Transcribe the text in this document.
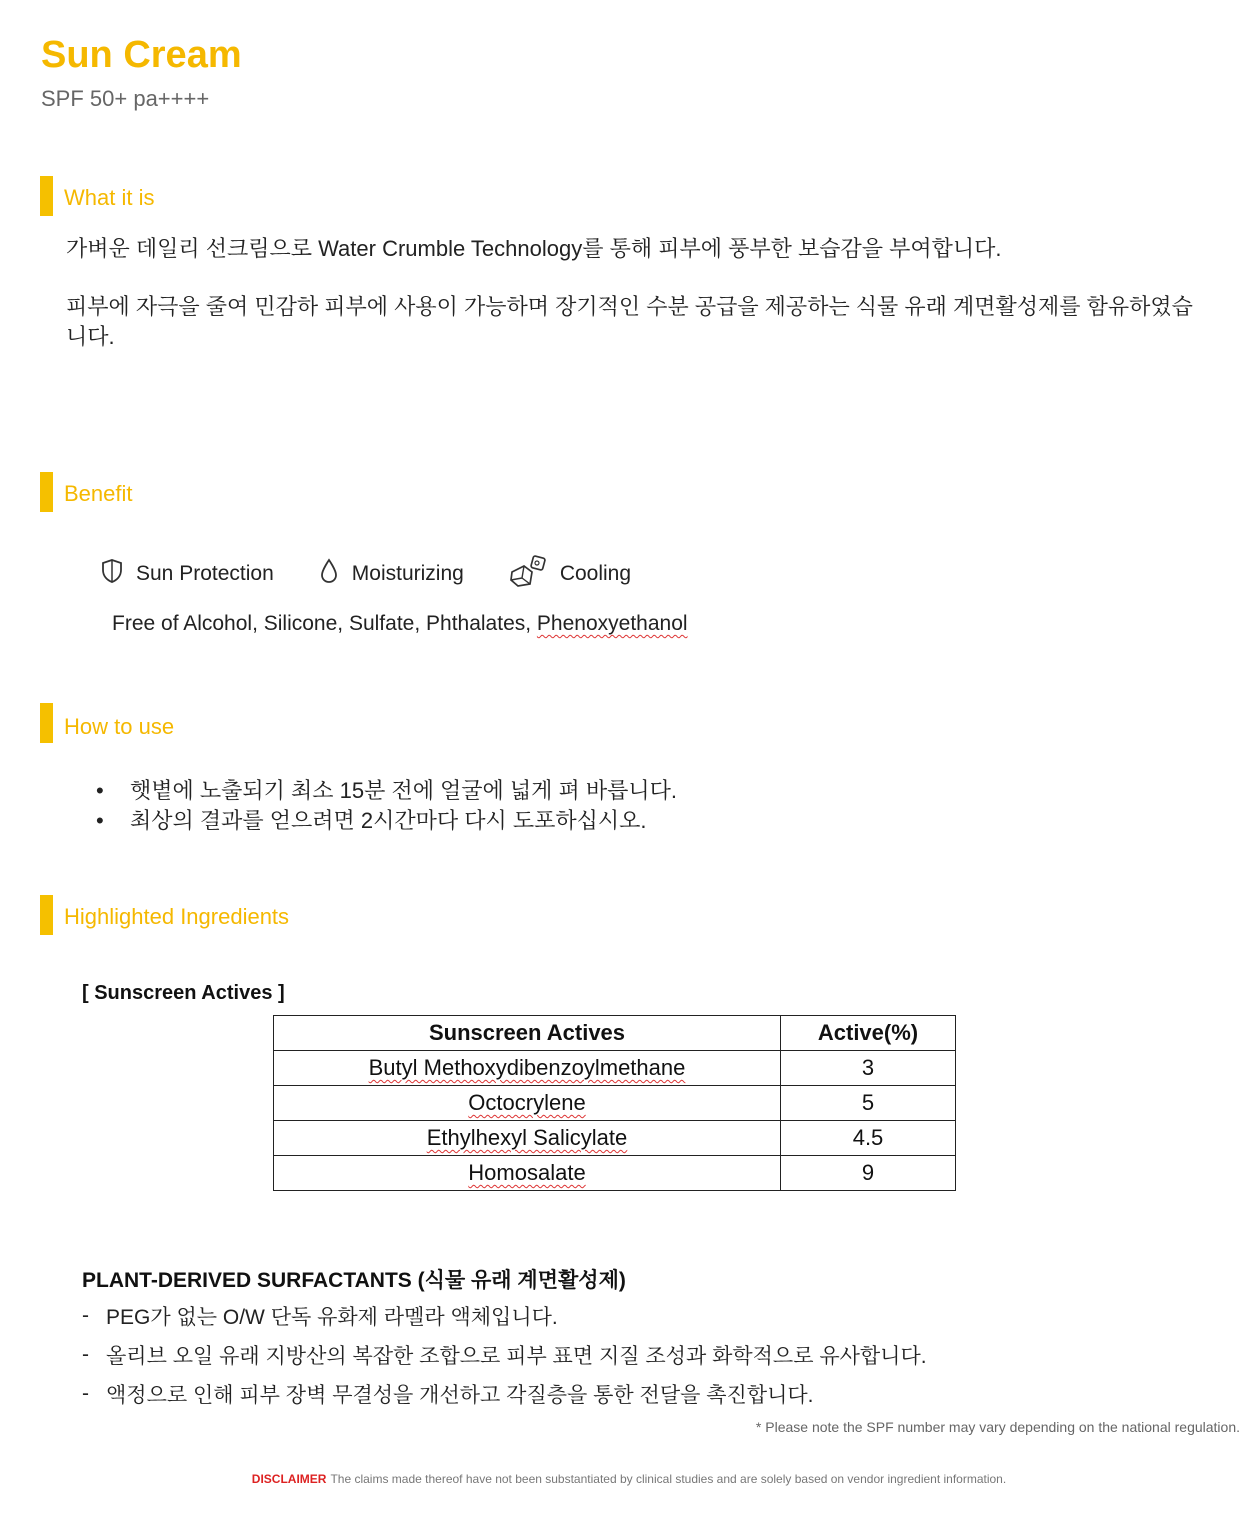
Sun Cream
SPF 50+ pa++++
What it is
가벼운 데일리 선크림으로 Water Crumble Technology를 통해 피부에 풍부한 보습감을 부여합니다.
피부에 자극을 줄여 민감하 피부에 사용이 가능하며 장기적인 수분 공급을 제공하는 식물 유래 계면활성제를 함유하였습니다.
Benefit
Sun Protection	Moisturizing	Cooling
Free of Alcohol, Silicone, Sulfate, Phthalates, Phenoxyethanol
How to use
•	햇볕에 노출되기 최소 15분 전에 얼굴에 넓게 펴 바릅니다.
•	최상의 결과를 얻으려면 2시간마다 다시 도포하십시오.
Highlighted Ingredients
[ Sunscreen Actives ]
Sunscreen Actives	Active(%)
Butyl Methoxydibenzoylmethane	3
Octocrylene	5
Ethylhexyl Salicylate	4.5
Homosalate	9
PLANT-DERIVED SURFACTANTS (식물 유래 계면활성제)
- PEG가 없는 O/W 단독 유화제 라멜라 액체입니다.
- 올리브 오일 유래 지방산의 복잡한 조합으로 피부 표면 지질 조성과 화학적으로 유사합니다.
- 액정으로 인해 피부 장벽 무결성을 개선하고 각질층을 통한 전달을 촉진합니다.
* Please note the SPF number may vary depending on the national regulation.
DISCLAIMER The claims made thereof have not been substantiated by clinical studies and are solely based on vendor ingredient information.
